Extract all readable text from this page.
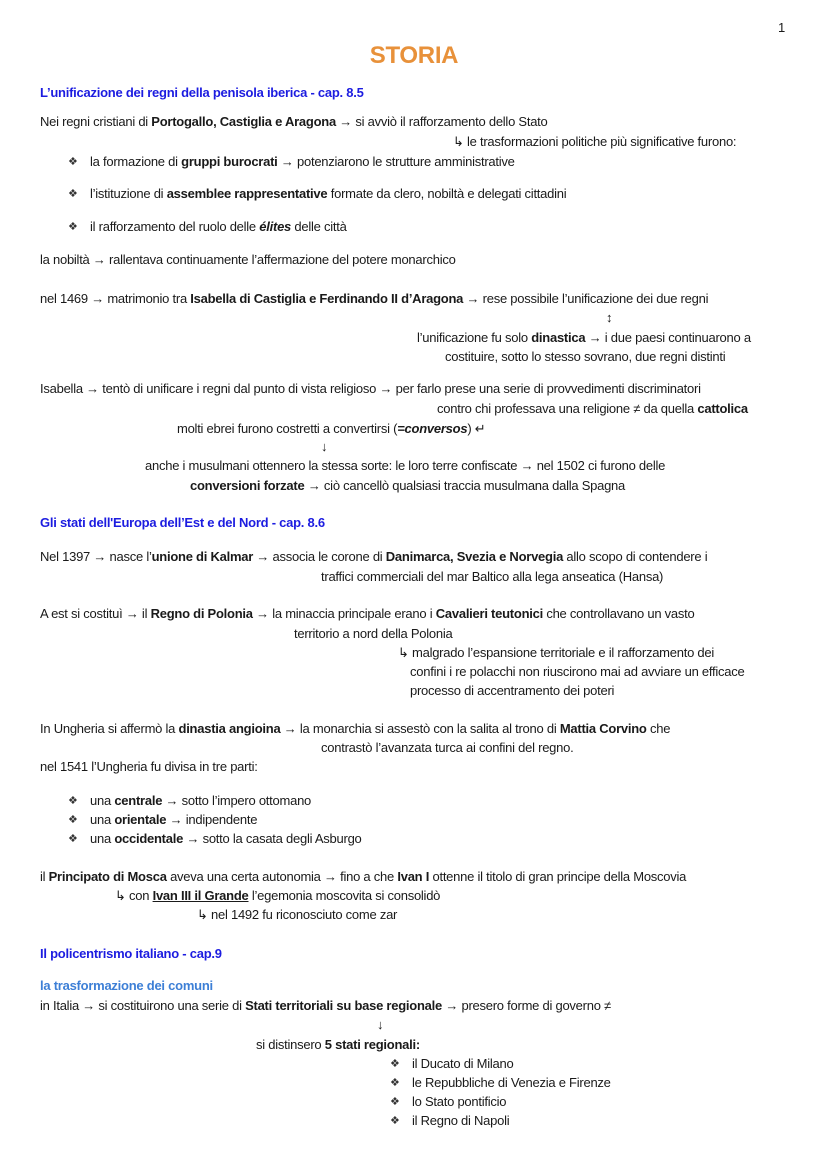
1
STORIA
L’unificazione dei regni della penisola iberica - cap. 8.5
Nei regni cristiani di Portogallo, Castiglia e Aragona → si avviò il rafforzamento dello Stato
↳ le trasformazioni politiche più significative furono:
la formazione di gruppi burocrati → potenziarono le strutture amministrative
❖
l’istituzione di assemblee rappresentative formate da clero, nobiltà e delegati cittadini
❖
il rafforzamento del ruolo delle élites delle città
❖
la nobiltà → rallentava continuamente l’affermazione del potere monarchico
nel 1469 → matrimonio tra Isabella di Castiglia e Ferdinando II d’Aragona → rese possibile l’unificazione dei due regni
↕
l’unificazione fu solo dinastica → i due paesi continuarono a
costituire, sotto lo stesso sovrano, due regni distinti
Isabella → tentò di unificare i regni dal punto di vista religioso → per farlo prese una serie di provvedimenti discriminatori
contro chi professava una religione ≠ da quella cattolica
molti ebrei furono costretti a convertirsi (=conversos) ↵
↓
anche i musulmani ottennero la stessa sorte: le loro terre confiscate → nel 1502 ci furono delle
conversioni forzate → ciò cancellò qualsiasi traccia musulmana dalla Spagna
Gli stati dell'Europa dell’Est e del Nord - cap. 8.6
Nel 1397 → nasce l’unione di Kalmar → associa le corone di Danimarca, Svezia e Norvegia allo scopo di contendere i
traffici commerciali del mar Baltico alla lega anseatica (Hansa)
A est si costituì → il Regno di Polonia → la minaccia principale erano i Cavalieri teutonici che controllavano un vasto
territorio a nord della Polonia
↳ malgrado l’espansione territoriale e il rafforzamento dei
confini i re polacchi non riuscirono mai ad avviare un efficace
processo di accentramento dei poteri
In Ungheria si affermò la dinastia angioina → la monarchia si assestò con la salita al trono di Mattia Corvino che
contrastò l’avanzata turca ai confini del regno.
nel 1541 l’Ungheria fu divisa in tre parti:
una centrale → sotto l’impero ottomano
❖
una orientale → indipendente
❖
una occidentale → sotto la casata degli Asburgo
❖
il Principato di Mosca aveva una certa autonomia → fino a che Ivan I ottenne il titolo di gran principe della Moscovia
↳ con Ivan III il Grande l’egemonia moscovita si consolidò
↳ nel 1492 fu riconosciuto come zar
Il policentrismo italiano - cap.9
la trasformazione dei comuni
in Italia → si costituirono una serie di Stati territoriali su base regionale → presero forme di governo ≠
↓
si distinsero 5 stati regionali:
il Ducato di Milano
❖
le Repubbliche di Venezia e Firenze
❖
lo Stato pontificio
❖
il Regno di Napoli
❖
